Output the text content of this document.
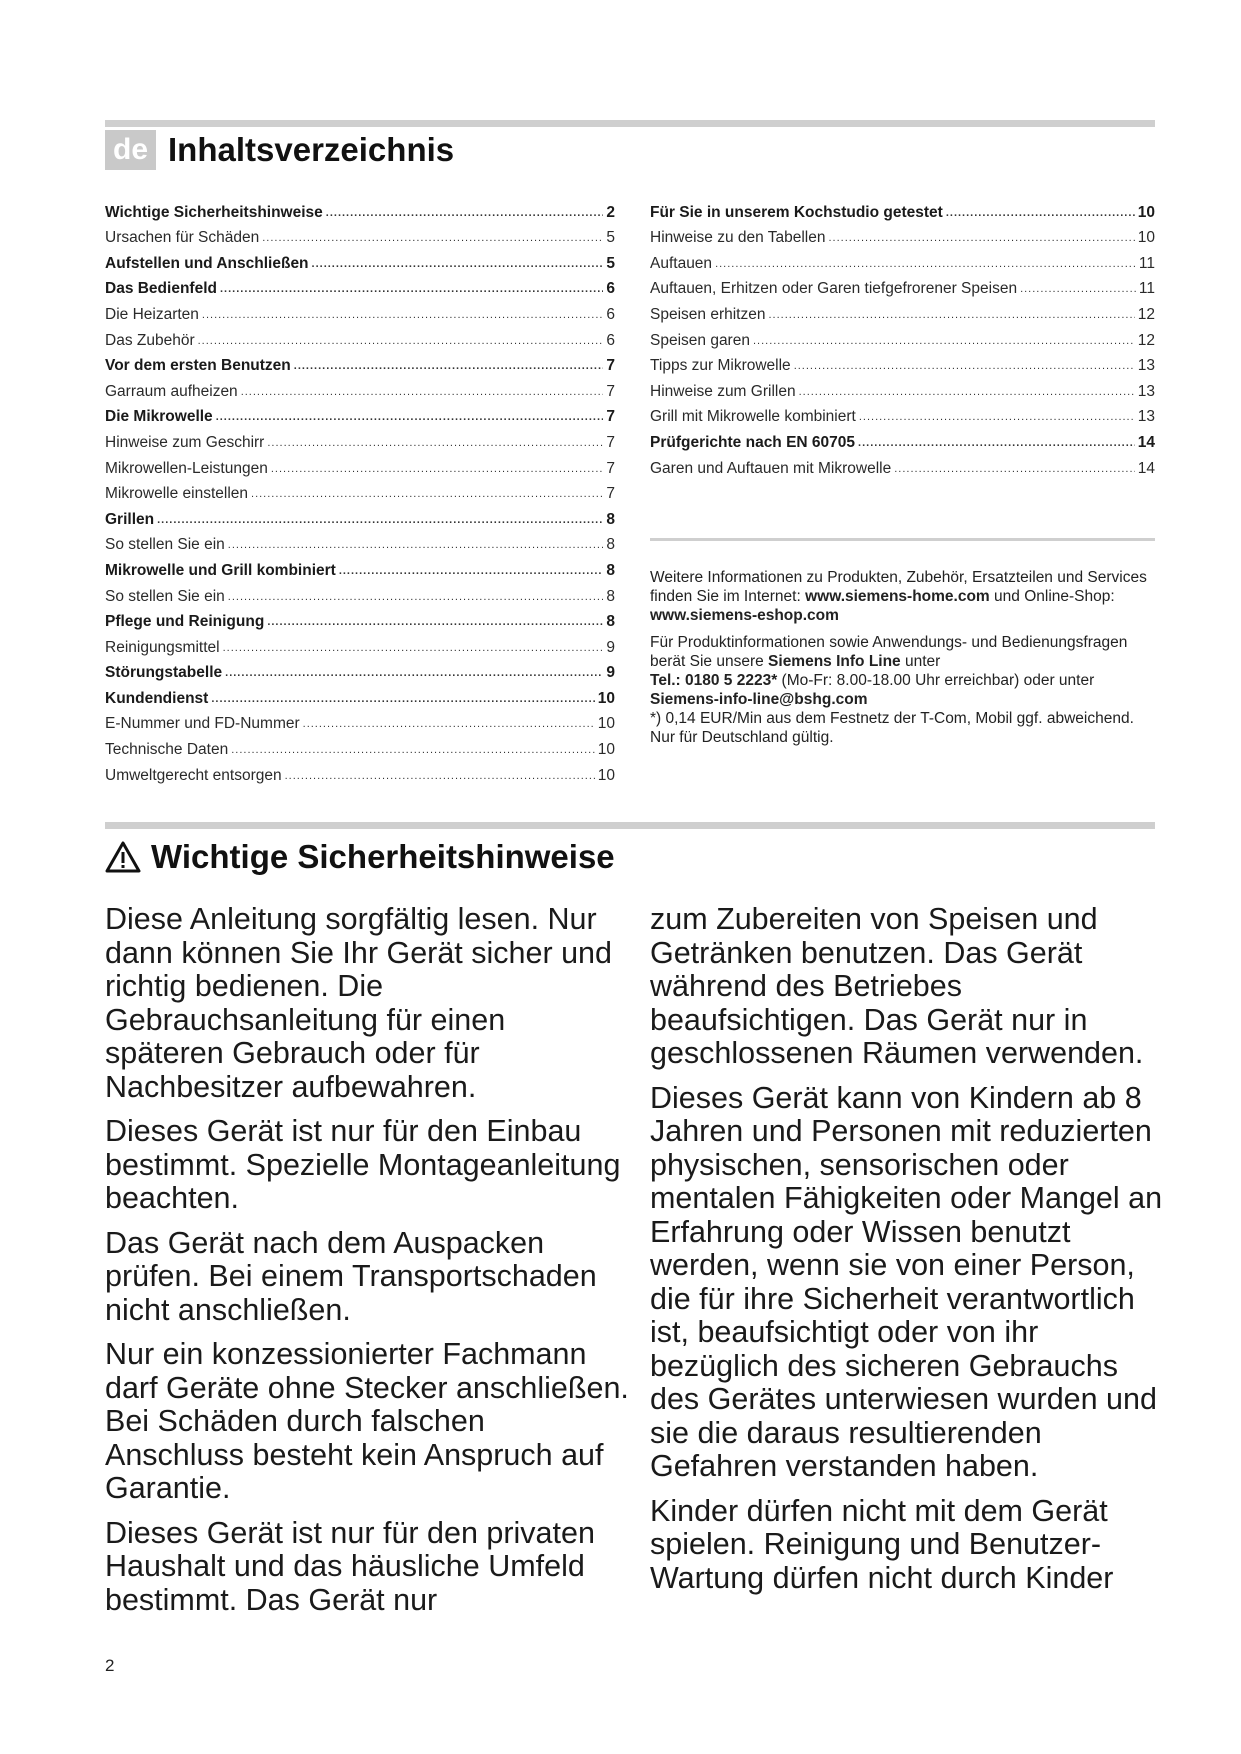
de Inhaltsverzeichnis
Wichtige Sicherheitshinweise .....	2
Ursachen für Schäden .....	5
Aufstellen und Anschließen .....	5
Das Bedienfeld .....	6
Die Heizarten .....	6
Das Zubehör .....	6
Vor dem ersten Benutzen .....	7
Garraum aufheizen .....	7
Die Mikrowelle .....	7
Hinweise zum Geschirr .....	7
Mikrowellen-Leistungen .....	7
Mikrowelle einstellen .....	7
Grillen .....	8
So stellen Sie ein .....	8
Mikrowelle und Grill kombiniert .....	8
So stellen Sie ein .....	8
Pflege und Reinigung .....	8
Reinigungsmittel .....	9
Störungstabelle .....	9
Kundendienst .....	10
E-Nummer und FD-Nummer .....	10
Technische Daten .....	10
Umweltgerecht entsorgen .....	10
Für Sie in unserem Kochstudio getestet .....	10
Hinweise zu den Tabellen .....	10
Auftauen .....	11
Auftauen, Erhitzen oder Garen tiefgefrorener Speisen .....	11
Speisen erhitzen .....	12
Speisen garen .....	12
Tipps zur Mikrowelle .....	13
Hinweise zum Grillen .....	13
Grill mit Mikrowelle kombiniert .....	13
Prüfgerichte nach EN 60705 .....	14
Garen und Auftauen mit Mikrowelle .....	14

Weitere Informationen zu Produkten, Zubehör, Ersatzteilen und Services finden Sie im Internet: www.siemens-home.com und Online-Shop: www.siemens-eshop.com

Für Produktinformationen sowie Anwendungs- und Bedienungsfragen berät Sie unsere Siemens Info Line unter
Tel.: 0180 5 2223* (Mo-Fr: 8.00-18.00 Uhr erreichbar) oder unter Siemens-info-line@bshg.com
*) 0,14 EUR/Min aus dem Festnetz der T-Com, Mobil ggf. abweichend. Nur für Deutschland gültig.

Wichtige Sicherheitshinweise

Diese Anleitung sorgfältig lesen. Nur dann können Sie Ihr Gerät sicher und richtig bedienen. Die Gebrauchsanleitung für einen späteren Gebrauch oder für Nachbesitzer aufbewahren.

Dieses Gerät ist nur für den Einbau bestimmt. Spezielle Montageanleitung beachten.

Das Gerät nach dem Auspacken prüfen. Bei einem Transportschaden nicht anschließen.

Nur ein konzessionierter Fachmann darf Geräte ohne Stecker anschließen. Bei Schäden durch falschen Anschluss besteht kein Anspruch auf Garantie.

Dieses Gerät ist nur für den privaten Haushalt und das häusliche Umfeld bestimmt. Das Gerät nur

zum Zubereiten von Speisen und Getränken benutzen. Das Gerät während des Betriebes beaufsichtigen. Das Gerät nur in geschlossenen Räumen verwenden.

Dieses Gerät kann von Kindern ab 8 Jahren und Personen mit reduzierten physischen, sensorischen oder mentalen Fähigkeiten oder Mangel an Erfahrung oder Wissen benutzt werden, wenn sie von einer Person, die für ihre Sicherheit verantwortlich ist, beaufsichtigt oder von ihr bezüglich des sicheren Gebrauchs des Gerätes unterwiesen wurden und sie die daraus resultierenden Gefahren verstanden haben.

Kinder dürfen nicht mit dem Gerät spielen. Reinigung und Benutzer-Wartung dürfen nicht durch Kinder

2
